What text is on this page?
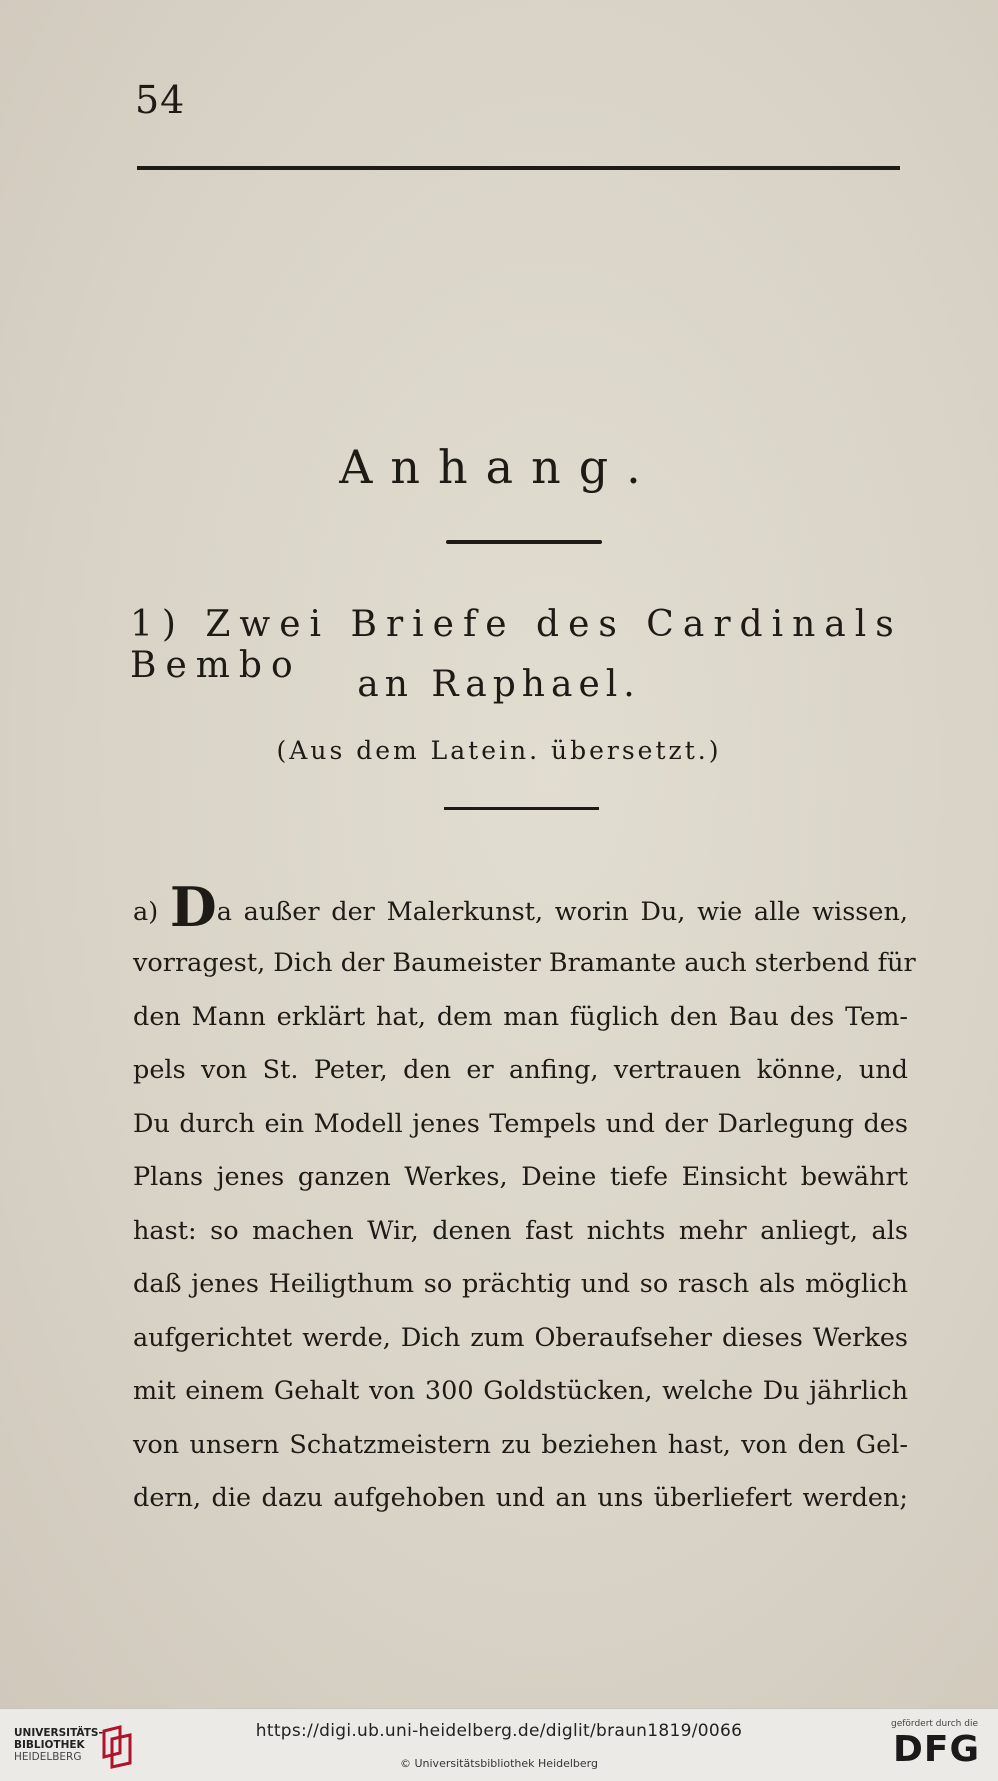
54
Anhang.
1) Zwei Briefe des Cardinals Bembo	an Raphael.
(Aus dem Latein. übersetzt.)
a) Da außer der Malerkunst, worin Du, wie alle wissen,
vorragest, Dich der Baumeister Bramante auch sterbend für
den Mann erklärt hat, dem man füglich den Bau des Tem-
pels von St. Peter, den er anfing, vertrauen könne, und
Du durch ein Modell jenes Tempels und der Darlegung des
Plans jenes ganzen Werkes, Deine tiefe Einsicht bewährt
hast: so machen Wir, denen fast nichts mehr anliegt, als
daß jenes Heiligthum so prächtig und so rasch als möglich
aufgerichtet werde, Dich zum Oberaufseher dieses Werkes
mit einem Gehalt von 300 Goldstücken, welche Du jährlich
von unsern Schatzmeistern zu beziehen hast, von den Gel-
dern, die dazu aufgehoben und an uns überliefert werden;
UNIVERSITÄTS-
BIBLIOTHEK
HEIDELBERG
https://digi.ub.uni-heidelberg.de/diglit/braun1819/0066
© Universitätsbibliothek Heidelberg
gefördert durch die
DFG
